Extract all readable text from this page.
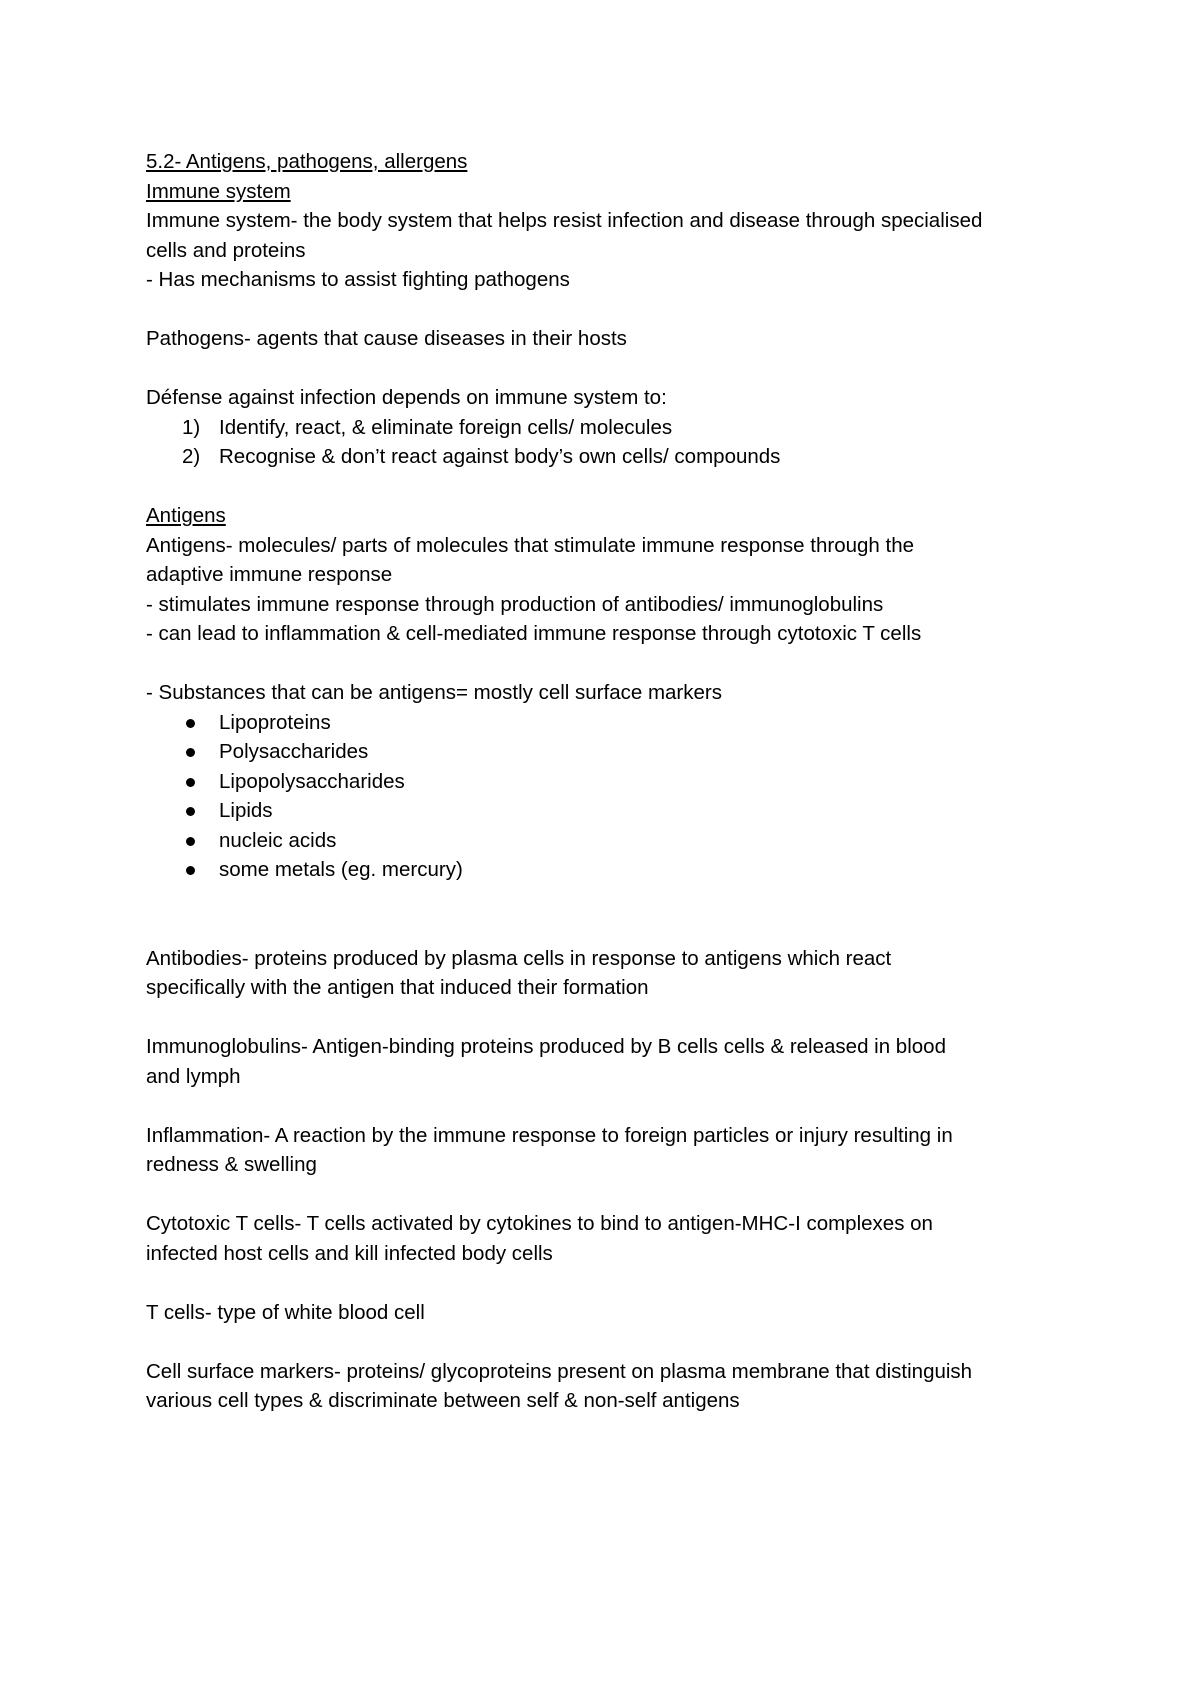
5.2- Antigens, pathogens, allergens

Immune system

Immune system- the body system that helps resist infection and disease through specialised

cells and proteins

- Has mechanisms to assist fighting pathogens

Pathogens- agents that cause diseases in their hosts

Défense against infection depends on immune system to:

1) Identify, react, & eliminate foreign cells/ molecules
2) Recognise & don’t react against body’s own cells/ compounds

Antigens

Antigens- molecules/ parts of molecules that stimulate immune response through the

adaptive immune response

- stimulates immune response through production of antibodies/ immunoglobulins

- can lead to inflammation & cell-mediated immune response through cytotoxic T cells

- Substances that can be antigens= mostly cell surface markers

Lipoproteins
Polysaccharides
Lipopolysaccharides
Lipids
nucleic acids
some metals (eg. mercury)

Antibodies- proteins produced by plasma cells in response to antigens which react

specifically with the antigen that induced their formation

Immunoglobulins- Antigen-binding proteins produced by B cells cells & released in blood

and lymph

Inflammation- A reaction by the immune response to foreign particles or injury resulting in

redness & swelling

Cytotoxic T cells- T cells activated by cytokines to bind to antigen-MHC-I complexes on

infected host cells and kill infected body cells

T cells- type of white blood cell

Cell surface markers- proteins/ glycoproteins present on plasma membrane that distinguish

various cell types & discriminate between self & non-self antigens
